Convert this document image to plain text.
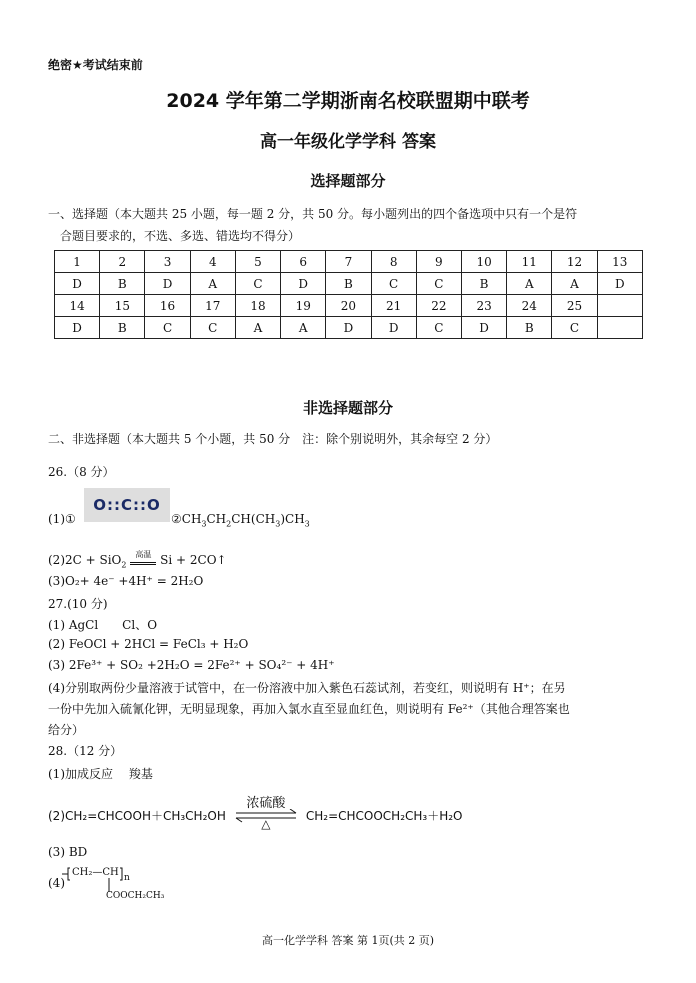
绝密★考试结束前
2024 学年第二学期浙南名校联盟期中联考
高一年级化学学科 答案
选择题部分
一、选择题（本大题共 25 小题，每一题 2 分，共 50 分。每小题列出的四个备选项中只有一个是符
合题目要求的，不选、多选、错选均不得分）
1	2	3	4	5	6	7	8	9	10	11	12	13
D	B	D	A	C	D	B	C	C	B	A	A	D
14	15	16	17	18	19	20	21	22	23	24	25	
D	B	C	C	A	A	D	D	C	D	B	C	
非选择题部分
二、非选择题（本大题共 5 个小题，共 50 分　注：除个别说明外，其余每空 2 分）
26.（8 分）
(1)①
O::C::O
$②CH_3CH_2CH(CH_3)CH_3$
(2)2C + SiO$_2$
高温 Si + 2CO↑
(3)O₂+ 4e⁻ +4H⁺ = 2H₂O
27.(10 分)
(1) AgCl　　Cl、O
(2) FeOCl + 2HCl = FeCl₃ + H₂O
(3) 2Fe³⁺ + SO₂ +2H₂O = 2Fe²⁺ + SO₄²⁻ + 4H⁺
(4)分别取两份少量溶液于试管中，在一份溶液中加入紫色石蕊试剂，若变红，则说明有 H⁺；在另
一份中先加入硫氰化钾，无明显现象，再加入氯水直至显血红色，则说明有 Fe²⁺（其他合理答案也
给分）
28.（12 分）
(1)加成反应　 羧基
(2)CH₂=CHCOOH＋CH₃CH₂OH
浓硫酸
△
CH₂=CHCOOCH₂CH₃＋H₂O
(3) BD
(4)
CH₂—CH n
COOCH₂CH₃
高一化学学科 答案 第 1页(共 2 页)
